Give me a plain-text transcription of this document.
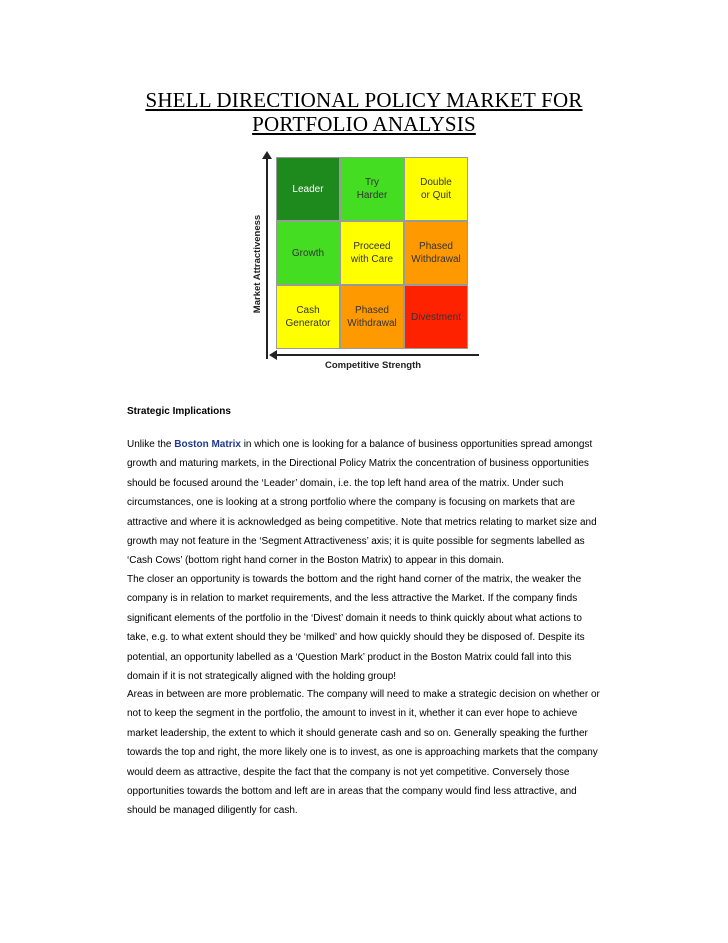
SHELL DIRECTIONAL POLICY MARKET FOR
PORTFOLIO ANALYSIS
Market Attractiveness
Leader
Try
Harder
Double
or Quit
Growth
Proceed
with Care
Phased
Withdrawal
Cash
Generator
Phased
Withdrawal
Divestment
Competitive Strength
Strategic Implications

Unlike the Boston Matrix in which one is looking for a balance of business opportunities spread amongst growth and maturing markets, in the Directional Policy Matrix the concentration of business opportunities should be focused around the ‘Leader’ domain, i.e. the top left hand area of the matrix. Under such circumstances, one is looking at a strong portfolio where the company is focusing on markets that are attractive and where it is acknowledged as being competitive. Note that metrics relating to market size and growth may not feature in the ‘Segment Attractiveness’ axis; it is quite possible for segments labelled as ‘Cash Cows’ (bottom right hand corner in the Boston Matrix) to appear in this domain.

The closer an opportunity is towards the bottom and the right hand corner of the matrix, the weaker the company is in relation to market requirements, and the less attractive the Market. If the company finds significant elements of the portfolio in the ‘Divest’ domain it needs to think quickly about what actions to take, e.g. to what extent should they be ‘milked’ and how quickly should they be disposed of. Despite its potential, an opportunity labelled as a ‘Question Mark’ product in the Boston Matrix could fall into this domain if it is not strategically aligned with the holding group!

Areas in between are more problematic. The company will need to make a strategic decision on whether or not to keep the segment in the portfolio, the amount to invest in it, whether it can ever hope to achieve market leadership, the extent to which it should generate cash and so on. Generally speaking the further towards the top and right, the more likely one is to invest, as one is approaching markets that the company would deem as attractive, despite the fact that the company is not yet competitive. Conversely those opportunities towards the bottom and left are in areas that the company would find less attractive, and should be managed diligently for cash.
